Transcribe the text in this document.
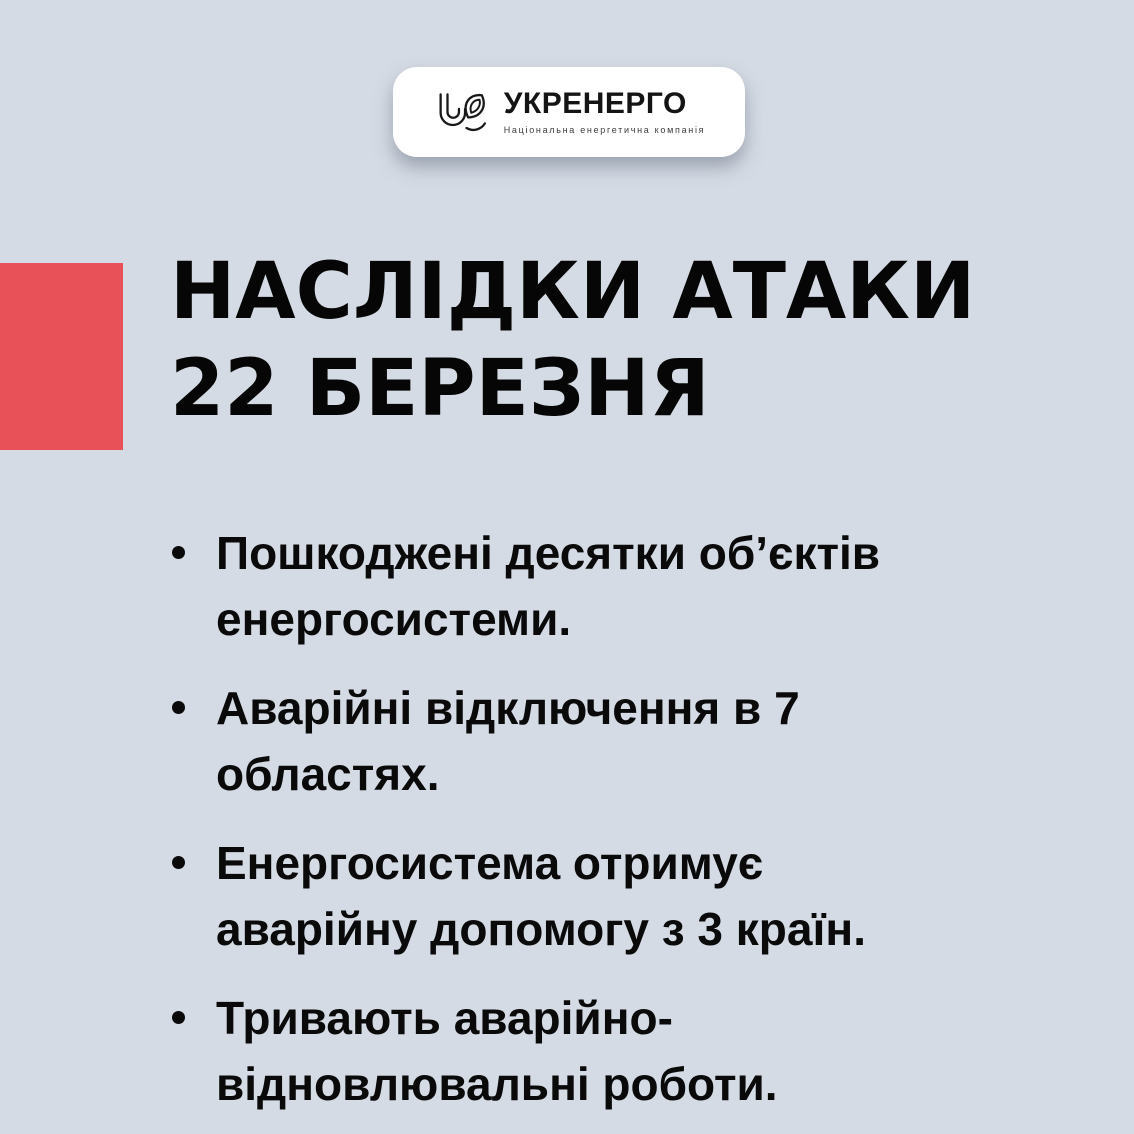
УКРЕНЕРГО
Національна енергетична компанія
НАСЛІДКИ АТАКИ
22 БЕРЕЗНЯ
Пошкоджені десятки об’єктів енергосистеми.
Аварійні відключення в 7 областях.
Енергосистема отримує аварійну допомогу з 3 країн.
Тривають аварійно-відновлювальні роботи.
